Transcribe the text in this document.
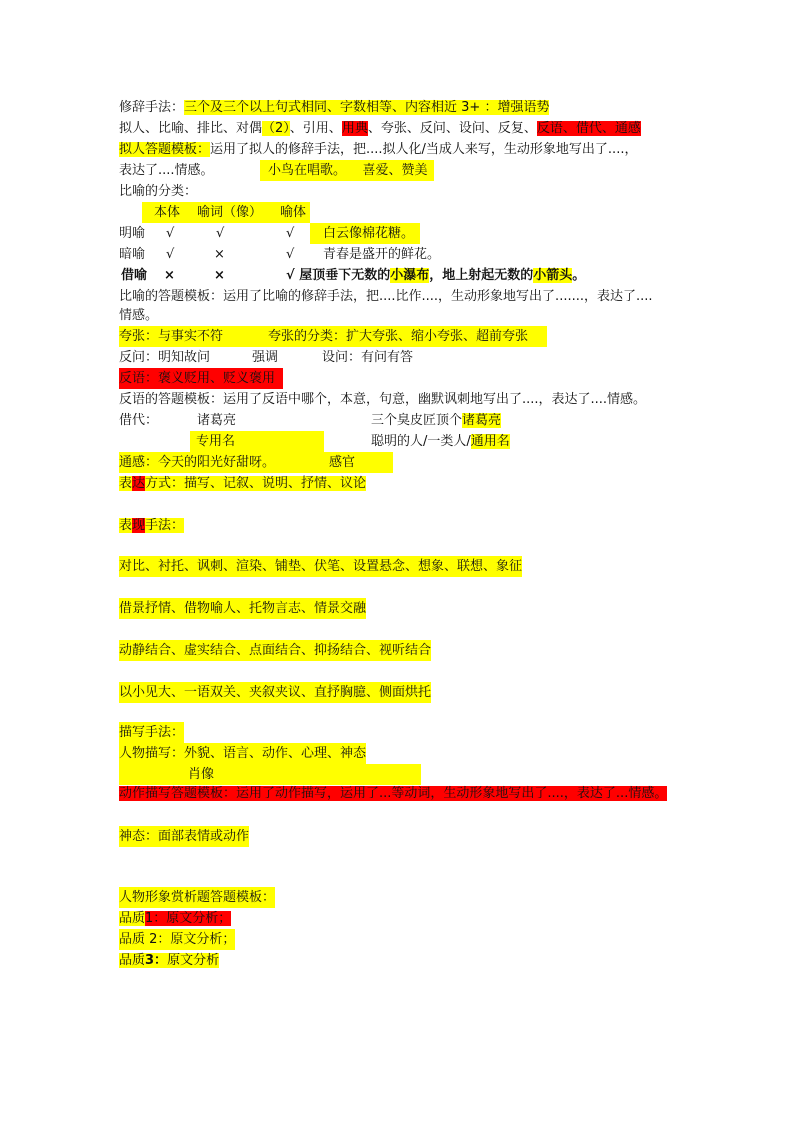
修辞手法：三个及三个以上句式相同、字数相等、内容相近 3+ ：增强语势
拟人、比喻、排比、对偶（2）、引用、用典、夸张、反问、设问、反复、反语、借代、通感
拟人答题模板：运用了拟人的修辞手法，把....拟人化/当成人来写，生动形象地写出了....，
表达了....情感。	小鸟在唱歌。 喜爱、赞美
比喻的分类：
本体 喻词（像） 喻体
明喻 √	√	√	白云像棉花糖。
暗喻 √	×	√ 青春是盛开的鲜花。
借喻 ×	×	√ 屋顶垂下无数的小瀑布，地上射起无数的小箭头。
比喻的答题模板：运用了比喻的修辞手法，把....比作....，生动形象地写出了.......，表达了....
情感。
夸张：与事实不符	夸张的分类：扩大夸张、缩小夸张、超前夸张
反问：明知故问	强调	设问：有问有答
反语：褒义贬用、贬义褒用
反语的答题模板：运用了反语中哪个，本意，句意，幽默讽刺地写出了....，表达了....情感。
借代：	诸葛亮	三个臭皮匠顶个诸葛亮
专用名	聪明的人/一类人/通用名
通感：今天的阳光好甜呀。	感官
表达方式：描写、记叙、说明、抒情、议论
表现手法：
对比、衬托、讽刺、渲染、铺垫、伏笔、设置悬念、想象、联想、象征
借景抒情、借物喻人、托物言志、情景交融
动静结合、虚实结合、点面结合、抑扬结合、视听结合
以小见大、一语双关、夹叙夹议、直抒胸臆、侧面烘托
描写手法：
人物描写：外貌、语言、动作、心理、神态
肖像
动作描写答题模板：运用了动作描写，运用了...等动词，生动形象地写出了....，表达了...情感。
神态：面部表情或动作
人物形象赏析题答题模板：
品质1：原文分析；
品质 2：原文分析；
品质3：原文分析
